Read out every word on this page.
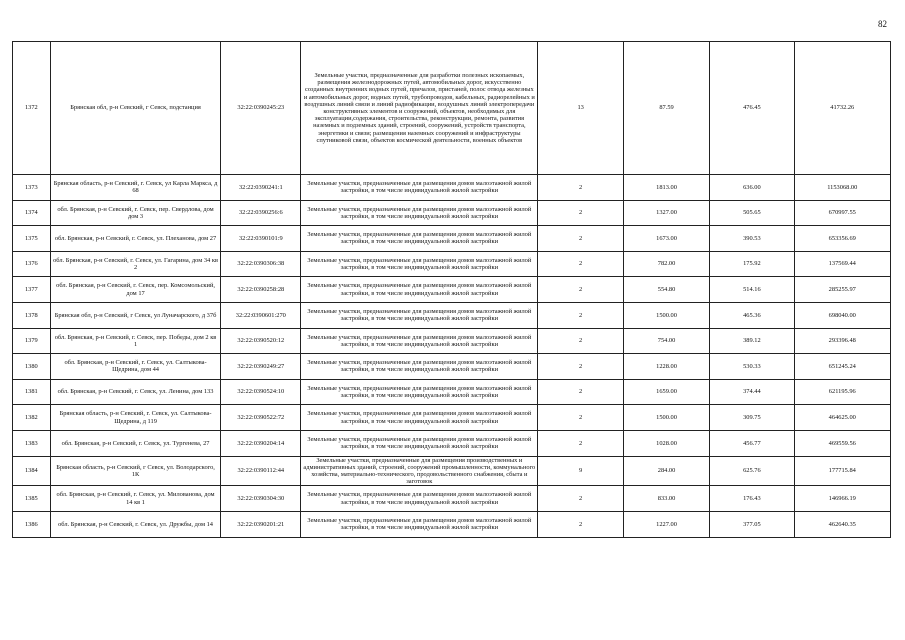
82
1372	Брянская обл, р-н Севский, г Севск, подстанция	32:22:0390245:23	Земельные участки, предназначенные для разработки полезных ископаемых, размещения железнодорожных путей, автомобильных дорог, искусственно созданных внутренних водных путей, причалов, пристаней, полос отвода железных и автомобильных дорог, водных путей, трубопроводов, кабельных, радиорелейных и воздушных линий связи и линий радиофикации, воздушных линий электропередачи конструктивных элементов и сооружений, объектов, необходимых для эксплуатации,содержания, строительства, реконструкции, ремонта, развития наземных и подземных зданий, строений, сооружений, устройств транспорта, энергетики и связи; размещения наземных сооружений и инфраструктуры спутниковой связи, объектов космической деятельности, военных объектов	13	87.59	476.45	41732.26
1373	Брянская область, р-н Севский, г. Севск, ул Карла Маркса, д 68	32:22:0390241:1	Земельные участки, предназначенные для размещения домов малоэтажной жилой застройки, в том числе индивидуальной жилой застройки	2	1813.00	636.00	1153068.00
1374	обл. Брянская, р-н Севский, г. Севск, пер. Свердлова, дом дом 3	32:22:0390256:6	Земельные участки, предназначенные для размещения домов малоэтажной жилой застройки, в том числе индивидуальной жилой застройки	2	1327.00	505.65	670997.55
1375	обл. Брянская, р-н Севский, г. Севск, ул. Плеханова, дом 27	32:22:0390101:9	Земельные участки, предназначенные для размещения домов малоэтажной жилой застройки, в том числе индивидуальной жилой застройки	2	1673.00	390.53	653356.69
1376	обл. Брянская, р-н Севский, г. Севск, ул. Гагарина, дом 34 кв 2	32:22:0390306:38	Земельные участки, предназначенные для размещения домов малоэтажной жилой застройки, в том числе индивидуальной жилой застройки	2	782.00	175.92	137569.44
1377	обл. Брянская, р-н Севский, г. Севск, пер. Комсомольский, дом 17	32:22:0390258:28	Земельные участки, предназначенные для размещения домов малоэтажной жилой застройки, в том числе индивидуальной жилой застройки	2	554.80	514.16	285255.97
1378	Брянская обл, р-н Севский, г Севск, ул Луначарского, д 37б	32:22:0390601:270	Земельные участки, предназначенные для размещения домов малоэтажной жилой застройки, в том числе индивидуальной жилой застройки	2	1500.00	465.36	698040.00
1379	обл. Брянская, р-н Севский, г. Севск, пер. Победы, дом 2 кв 1	32:22:0390520:12	Земельные участки, предназначенные для размещения домов малоэтажной жилой застройки, в том числе индивидуальной жилой застройки	2	754.00	389.12	293396.48
1380	обл. Брянская, р-н Севский, г. Севск, ул. Салтыкова-Щедрина, дом 44	32:22:0390249:27	Земельные участки, предназначенные для размещения домов малоэтажной жилой застройки, в том числе индивидуальной жилой застройки	2	1228.00	530.33	651245.24
1381	обл. Брянская, р-н Севский, г. Севск, ул. Ленина, дом 133	32:22:0390524:10	Земельные участки, предназначенные для размещения домов малоэтажной жилой застройки, в том числе индивидуальной жилой застройки	2	1659.00	374.44	621195.96
1382	Брянская область, р-н Севский, г. Севск, ул. Салтыкова-Щедрина, д 119	32:22:0390522:72	Земельные участки, предназначенные для размещения домов малоэтажной жилой застройки, в том числе индивидуальной жилой застройки	2	1500.00	309.75	464625.00
1383	обл. Брянская, р-н Севский, г. Севск, ул. Тургенева, 27	32:22:0390204:14	Земельные участки, предназначенные для размещения домов малоэтажной жилой застройки, в том числе индивидуальной жилой застройки	2	1028.00	456.77	469559.56
1384	Брянская область, р-н Севский, г Севск, ул. Володарского, 1К	32:22:0390112:44	Земельные участки, предназначенные для размещения производственных и административных зданий, строений, сооружений промышленности, коммунального хозяйства, материально-технического, продовольственного снабжения, сбыта и заготовок	9	284.00	625.76	177715.84
1385	обл. Брянская, р-н Севский, г. Севск, ул. Милованова, дом 14 кв 1	32:22:0390304:30	Земельные участки, предназначенные для размещения домов малоэтажной жилой застройки, в том числе индивидуальной жилой застройки	2	833.00	176.43	146966.19
1386	обл. Брянская, р-н Севский, г. Севск, ул. Дружбы, дом 14	32:22:0390201:21	Земельные участки, предназначенные для размещения домов малоэтажной жилой застройки, в том числе индивидуальной жилой застройки	2	1227.00	377.05	462640.35
